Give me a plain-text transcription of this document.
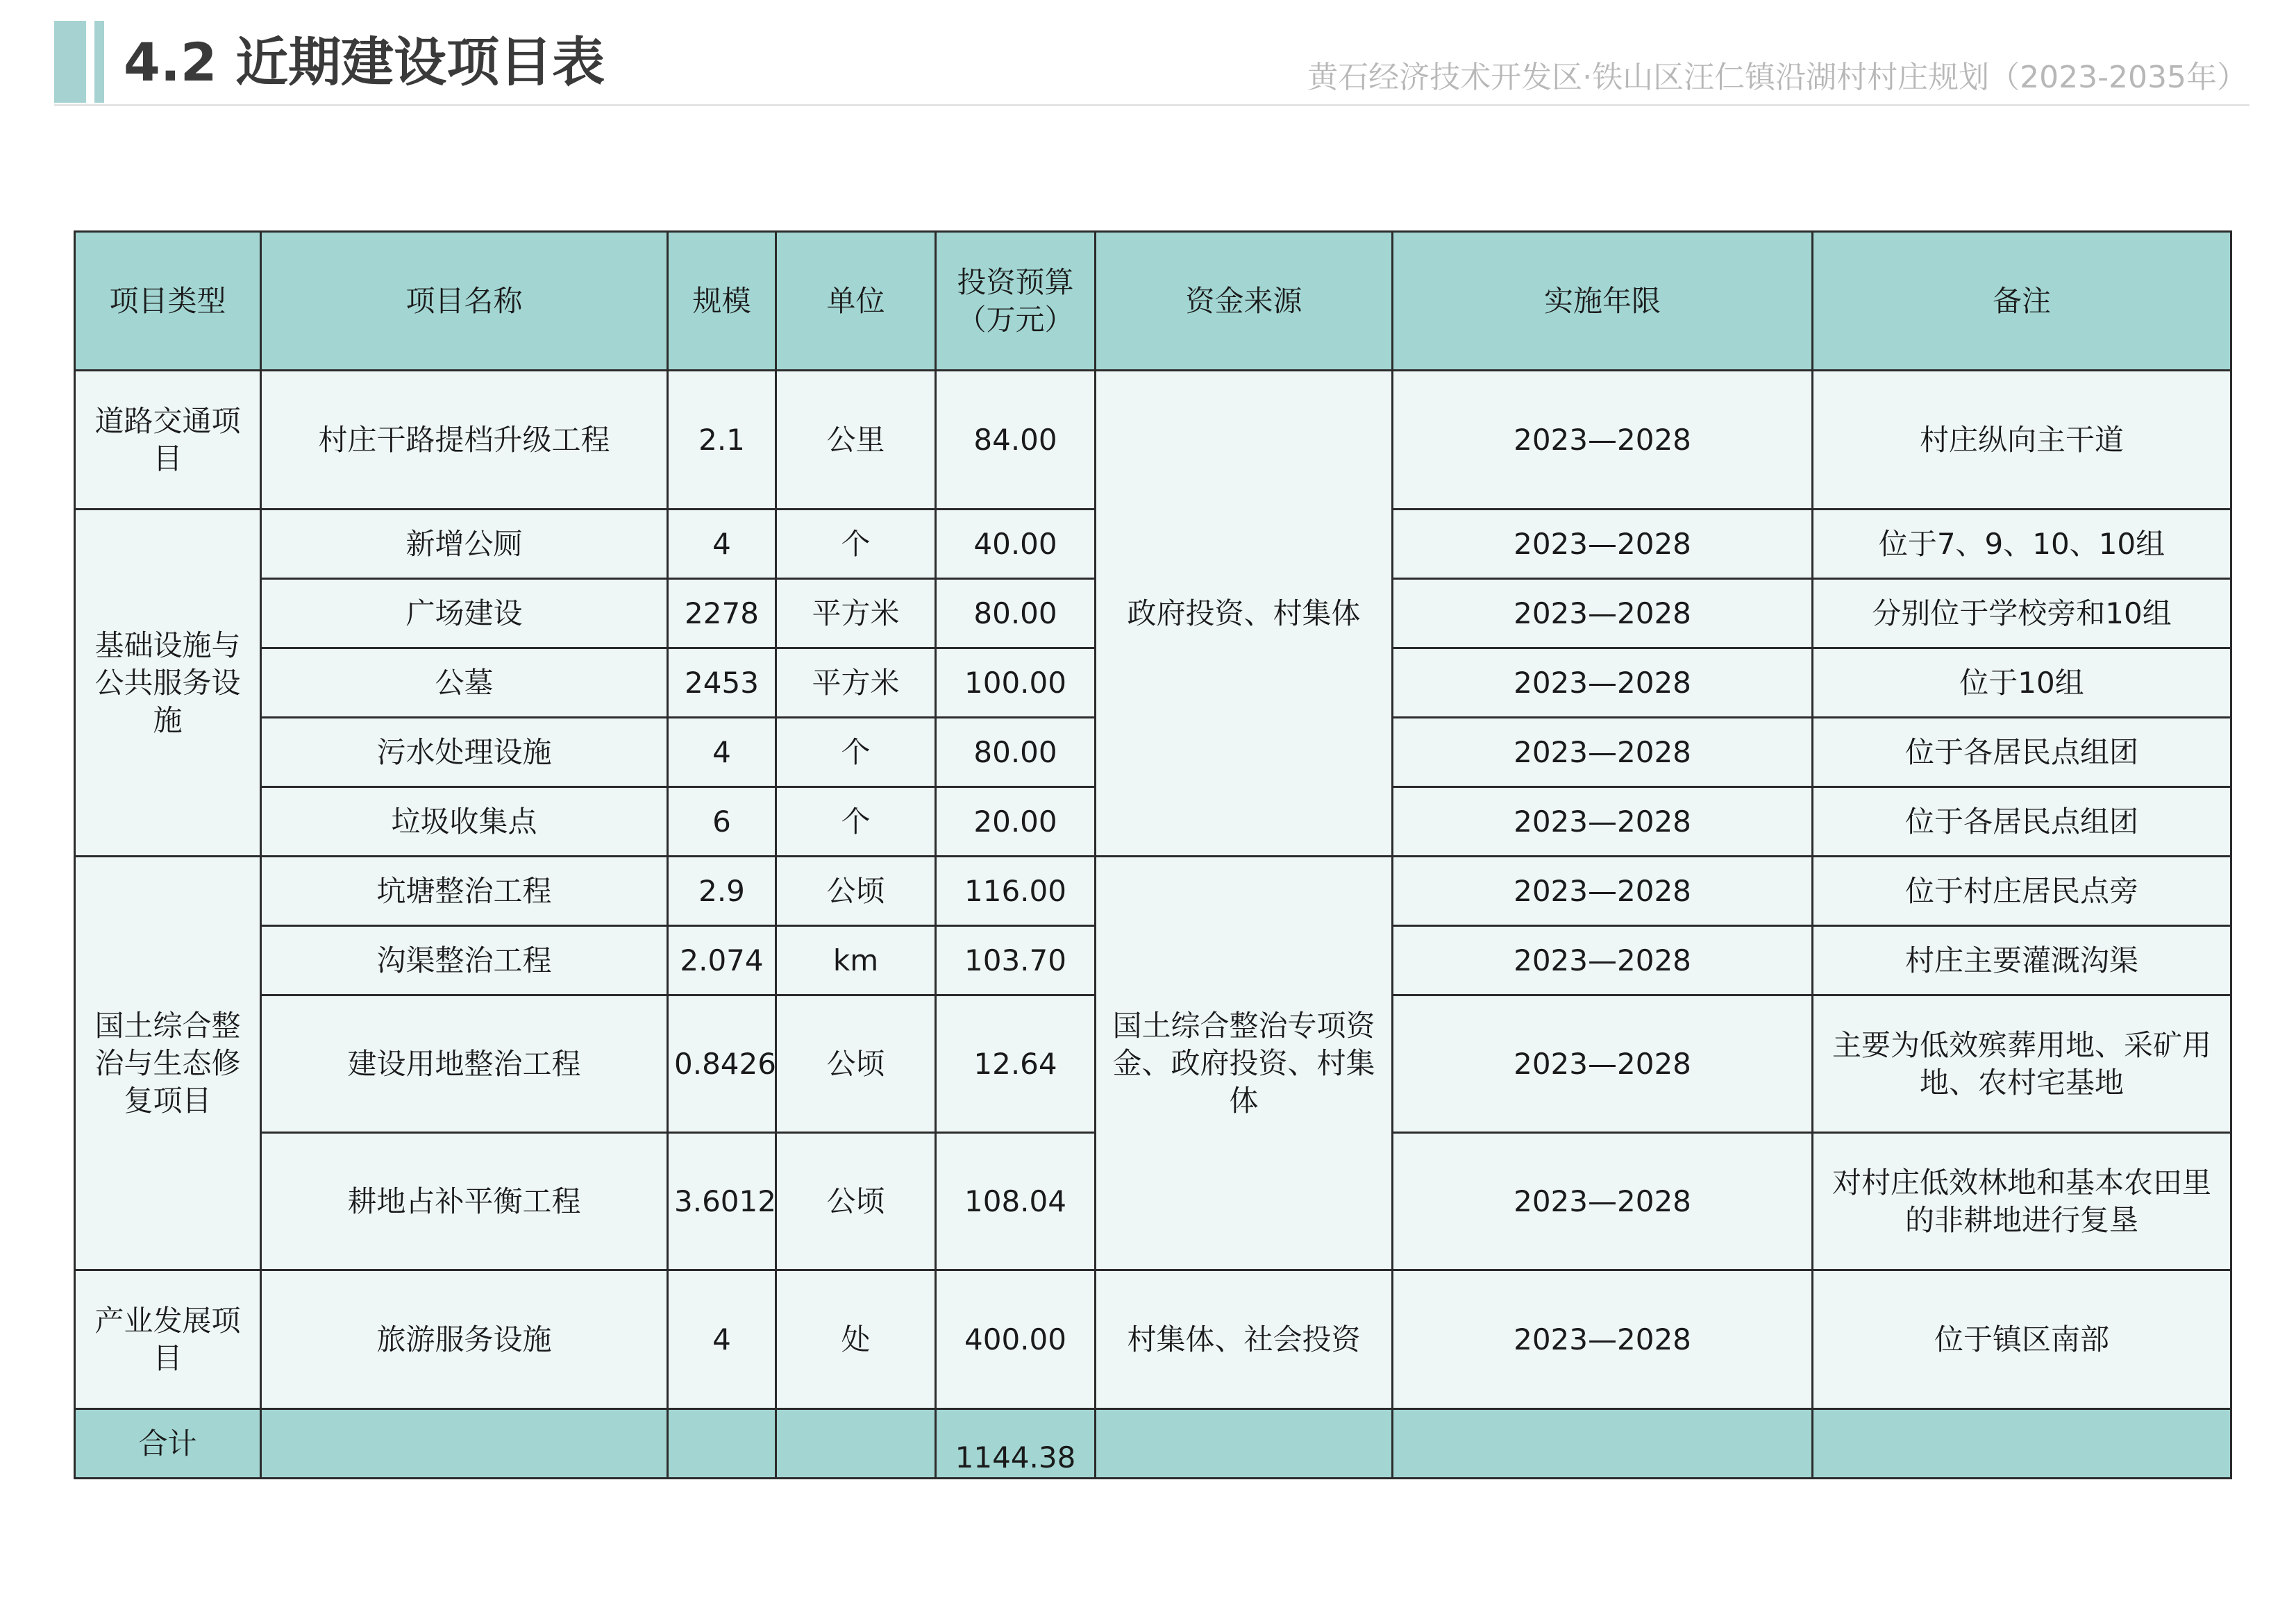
4.2 近期建设项目表	黄石经济技术开发区·铁山区汪仁镇沿湖村村庄规划（2023-2035年）
项目类型	项目名称	规模	单位	投资预算（万元）	资金来源	实施年限	备注
道路交通项目	村庄干路提档升级工程	2.1	公里	84.00	政府投资、村集体	2023—2028	村庄纵向主干道
基础设施与公共服务设施	新增公厕	4	个	40.00		2023—2028	位于7、9、10、10组
	广场建设	2278	平方米	80.00		2023—2028	分别位于学校旁和10组
	公墓	2453	平方米	100.00		2023—2028	位于10组
	污水处理设施	4	个	80.00		2023—2028	位于各居民点组团
	垃圾收集点	6	个	20.00		2023—2028	位于各居民点组团
国土综合整治与生态修复项目	坑塘整治工程	2.9	公顷	116.00	国土综合整治专项资金、政府投资、村集体	2023—2028	位于村庄居民点旁
	沟渠整治工程	2.074	km	103.70		2023—2028	村庄主要灌溉沟渠
	建设用地整治工程	0.8426	公顷	12.64		2023—2028	主要为低效殡葬用地、采矿用地、农村宅基地
	耕地占补平衡工程	3.6012	公顷	108.04		2023—2028	对村庄低效林地和基本农田里的非耕地进行复垦
产业发展项目	旅游服务设施	4	处	400.00	村集体、社会投资	2023—2028	位于镇区南部
合计				1144.38			
